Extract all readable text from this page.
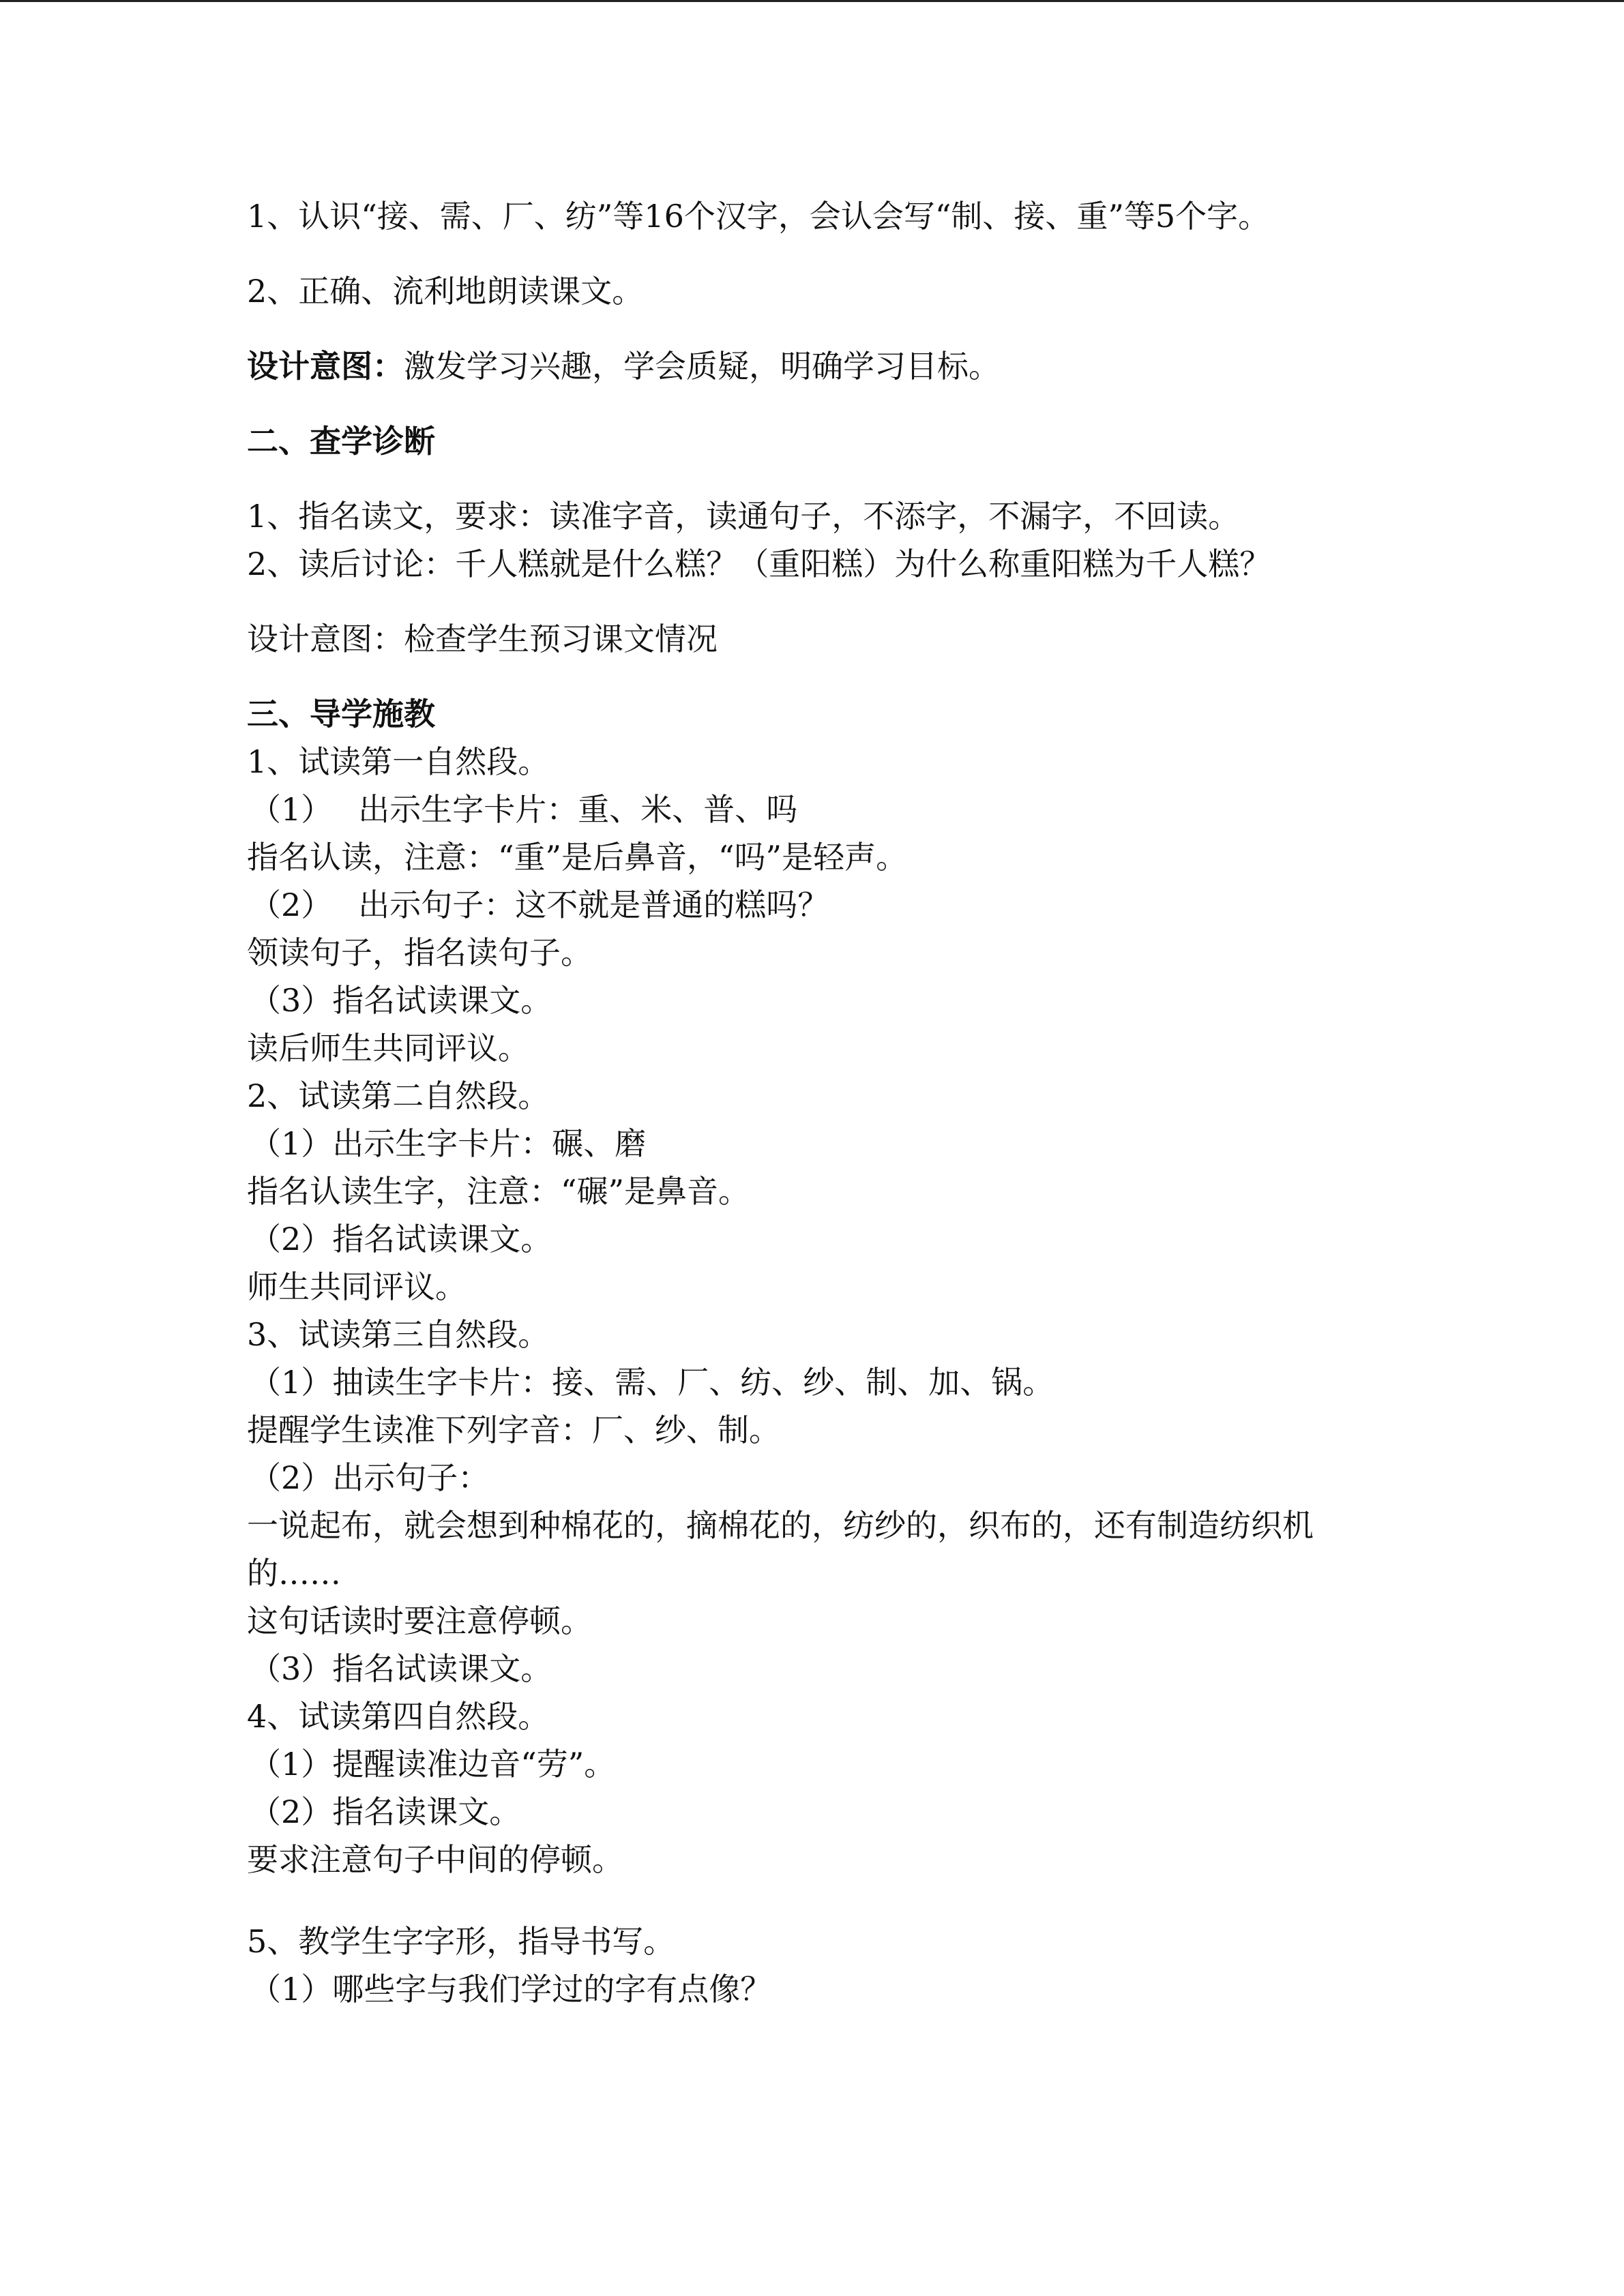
1、认识“接、需、厂、纺”等16个汉字，会认会写“制、接、重”等5个字。

2、正确、流利地朗读课文。

设计意图：激发学习兴趣，学会质疑，明确学习目标。

二、查学诊断

1、指名读文，要求：读准字音，读通句子，不添字，不漏字，不回读。

2、读后讨论：千人糕就是什么糕？（重阳糕）为什么称重阳糕为千人糕？

设计意图：检查学生预习课文情况

三、导学施教

1、试读第一自然段。

（1） 出示生字卡片：重、米、普、吗

指名认读，注意：“重”是后鼻音，“吗”是轻声。

（2） 出示句子：这不就是普通的糕吗？

领读句子，指名读句子。

（3）指名试读课文。

读后师生共同评议。

2、试读第二自然段。

（1）出示生字卡片：碾、磨

指名认读生字，注意：“碾”是鼻音。

（2）指名试读课文。

师生共同评议。

3、试读第三自然段。

（1）抽读生字卡片：接、需、厂、纺、纱、制、加、锅。

提醒学生读准下列字音：厂、纱、制。

（2）出示句子：

一说起布，就会想到种棉花的，摘棉花的，纺纱的，织布的，还有制造纺织机的……

这句话读时要注意停顿。

（3）指名试读课文。

4、试读第四自然段。

（1）提醒读准边音“劳”。

（2）指名读课文。

要求注意句子中间的停顿。

5、教学生字字形，指导书写。

（1）哪些字与我们学过的字有点像？
